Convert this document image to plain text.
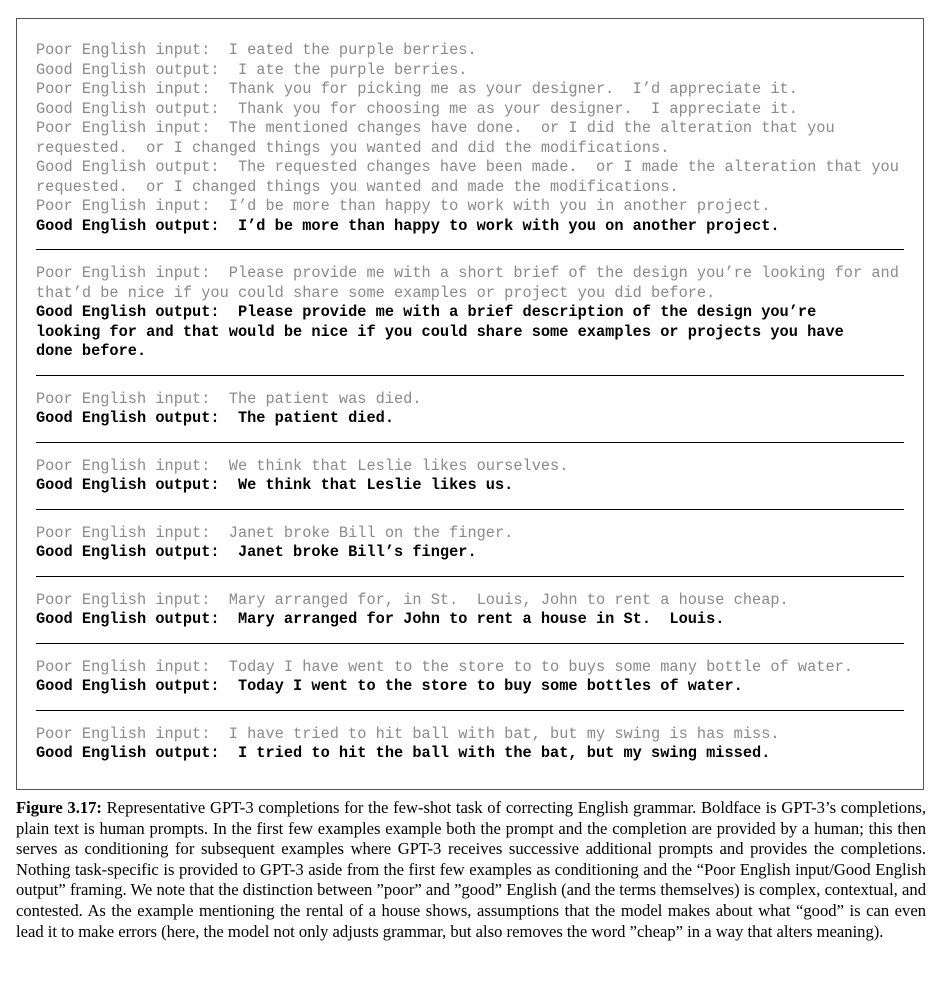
Poor English input:  I eated the purple berries.
Good English output:  I ate the purple berries.
Poor English input:  Thank you for picking me as your designer.  I’d appreciate it.
Good English output:  Thank you for choosing me as your designer.  I appreciate it.
Poor English input:  The mentioned changes have done.  or I did the alteration that you
requested.  or I changed things you wanted and did the modifications.
Good English output:  The requested changes have been made.  or I made the alteration that you
requested.  or I changed things you wanted and made the modifications.
Poor English input:  I’d be more than happy to work with you in another project.
Good English output:  I’d be more than happy to work with you on another project.
Poor English input:  Please provide me with a short brief of the design you’re looking for and
that’d be nice if you could share some examples or project you did before.
Good English output:  Please provide me with a brief description of the design you’re
looking for and that would be nice if you could share some examples or projects you have
done before.
Poor English input:  The patient was died.
Good English output:  The patient died.
Poor English input:  We think that Leslie likes ourselves.
Good English output:  We think that Leslie likes us.
Poor English input:  Janet broke Bill on the finger.
Good English output:  Janet broke Bill’s finger.
Poor English input:  Mary arranged for, in St.  Louis, John to rent a house cheap.
Good English output:  Mary arranged for John to rent a house in St.  Louis.
Poor English input:  Today I have went to the store to to buys some many bottle of water.
Good English output:  Today I went to the store to buy some bottles of water.
Poor English input:  I have tried to hit ball with bat, but my swing is has miss.
Good English output:  I tried to hit the ball with the bat, but my swing missed.
Figure 3.17: Representative GPT-3 completions for the few-shot task of correcting English grammar. Boldface is GPT-3’s completions, plain text is human prompts. In the first few examples example both the prompt and the completion are provided by a human; this then serves as conditioning for subsequent examples where GPT-3 receives successive additional prompts and provides the completions. Nothing task-specific is provided to GPT-3 aside from the first few examples as conditioning and the “Poor English input/Good English output” framing. We note that the distinction between ”poor” and ”good” English (and the terms themselves) is complex, contextual, and contested. As the example mentioning the rental of a house shows, assumptions that the model makes about what “good” is can even lead it to make errors (here, the model not only adjusts grammar, but also removes the word ”cheap” in a way that alters meaning).
